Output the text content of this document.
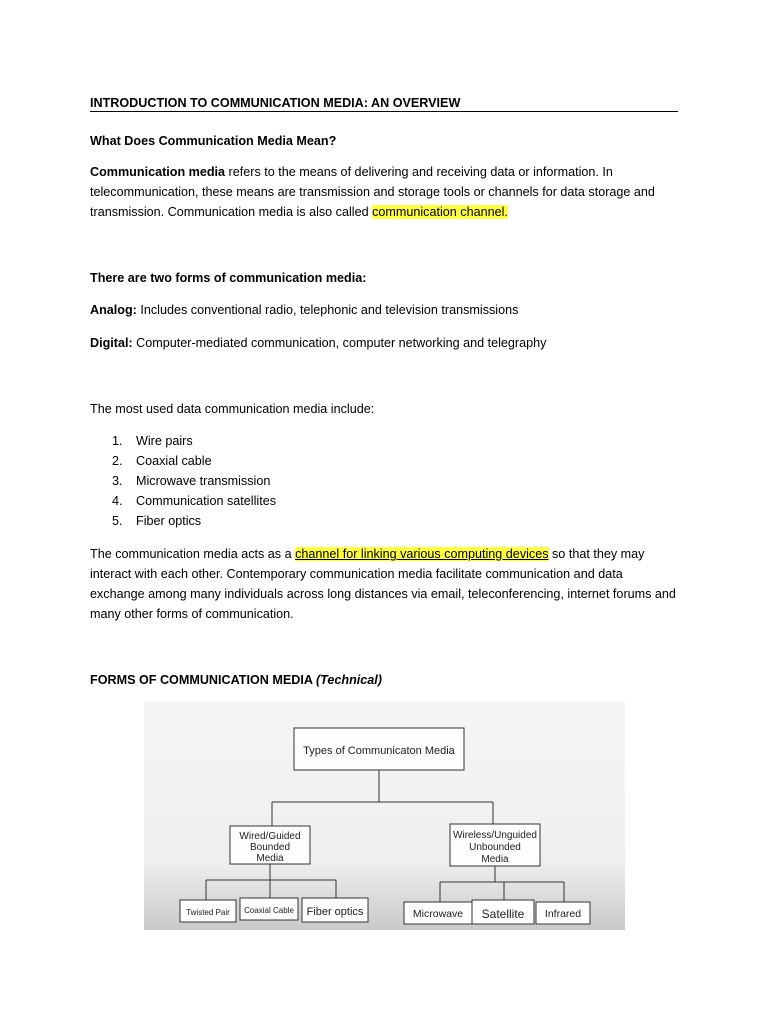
INTRODUCTION TO COMMUNICATION MEDIA: AN OVERVIEW
What Does Communication Media Mean?
Communication media refers to the means of delivering and receiving data or information. In
telecommunication, these means are transmission and storage tools or channels for data storage and
transmission. Communication media is also called communication channel.
There are two forms of communication media:
Analog: Includes conventional radio, telephonic and television transmissions
Digital: Computer-mediated communication, computer networking and telegraphy
The most used data communication media include:
1. Wire pairs
2. Coaxial cable
3. Microwave transmission
4. Communication satellites
5. Fiber optics
The communication media acts as a channel for linking various computing devices so that they may
interact with each other. Contemporary communication media facilitate communication and data
exchange among many individuals across long distances via email, teleconferencing, internet forums and
many other forms of communication.
FORMS OF COMMUNICATION MEDIA (Technical)
Types of Communicaton Media
Wired/Guided
Bounded
Media
Wireless/Unguided
Unbounded
Media
Twisted Pair Coaxial Cable Fiber optics	Microwave Satellite Infrared
